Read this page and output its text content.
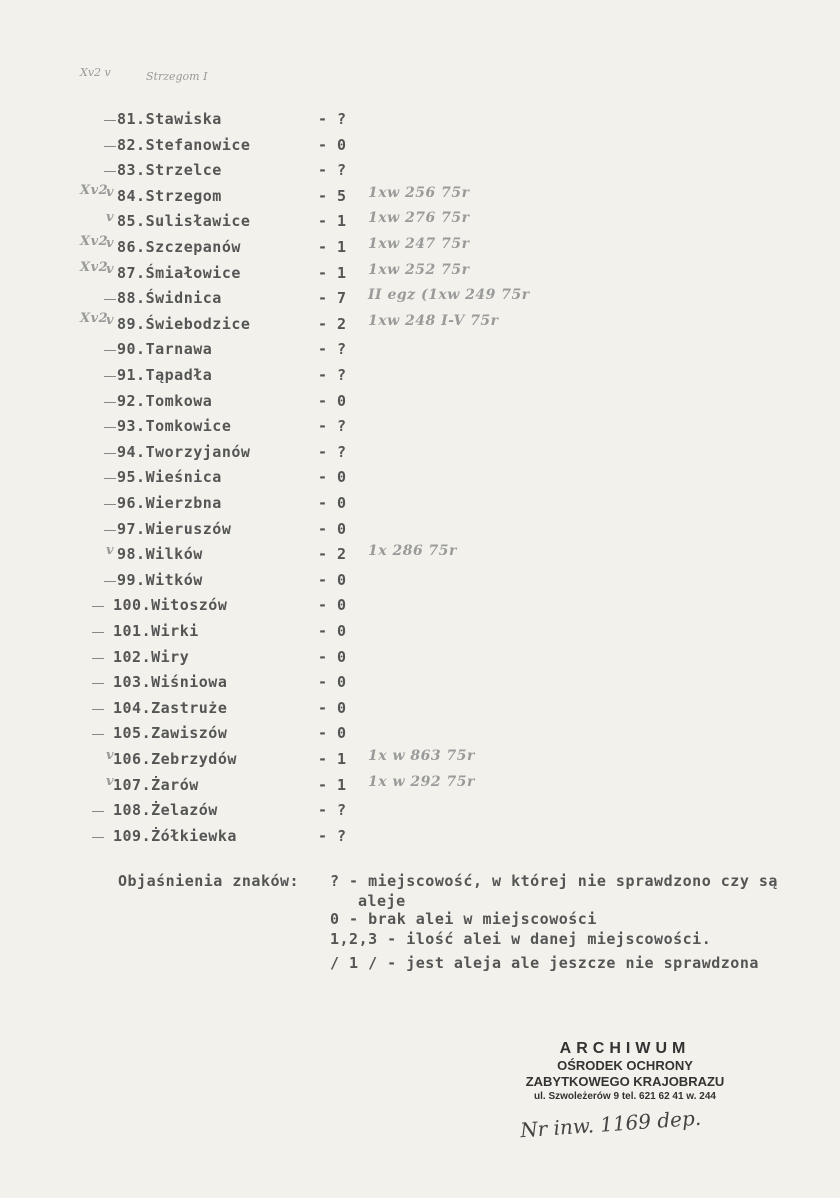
Xv2 v	Strzegom I
81.Stawiska	- ?
82.Stefanowice	- 0
83.Strzelce	- ?
v
Xv2 84.Strzegom	- 5 1xw 256 75r
v 85.Sulisławice	- 1 1xw 276 75r
v
Xv2 86.Szczepanów	- 1 1xw 247 75r
v
Xv2 87.Śmiałowice	- 1 1xw 252 75r
88.Świdnica	- 7 II egz (1xw 249 75r
v
Xv2 89.Świebodzice	- 2 1xw 248 I-V 75r
90.Tarnawa	- ?
91.Tąpadła	- ?
92.Tomkowa	- 0
93.Tomkowice	- ?
94.Tworzyjanów	- ?
95.Wieśnica	- 0
96.Wierzbna	- 0
97.Wieruszów	- 0
v 98.Wilków	- 2 1x 286 75r
99.Witków	- 0
100.Witoszów	- 0
101.Wirki	- 0
102.Wiry	- 0
103.Wiśniowa	- 0
104.Zastruże	- 0
105.Zawiszów	- 0
v
106.Zebrzydów	- 1 1x w 863 75r
v
107.Żarów	- 1 1x w 292 75r
108.Żelazów	- ?
109.Żółkiewka	- ?
Objaśnienia znaków: ? - miejscowość, w której nie sprawdzono czy są
aleje
0 - brak alei w miejscowości
1,2,3 - ilość alei w danej miejscowości.
/ 1 / - jest aleja ale jeszcze nie sprawdzona
ARCHIWUM
OŚRODEK OCHRONY
ZABYTKOWEGO KRAJOBRAZU
ul. Szwoleżerów 9 tel. 621 62 41 w. 244
Nr inw. 1169 dep.
